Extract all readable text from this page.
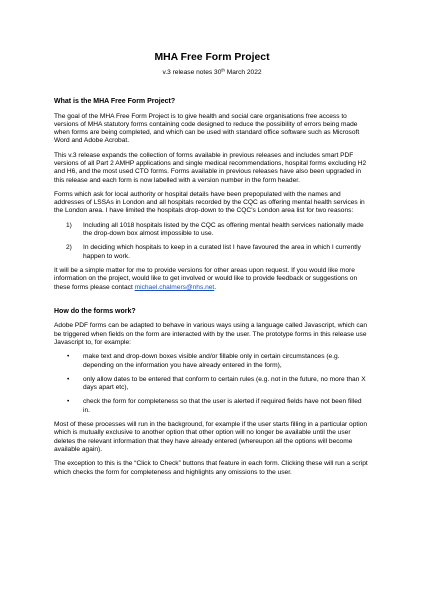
MHA Free Form Project
v.3 release notes 30th March 2022
What is the MHA Free Form Project?

The goal of the MHA Free Form Project is to give health and social care organisations free access to versions of MHA statutory forms containing code designed to reduce the possibility of errors being made when forms are being completed, and which can be used with standard office software such as Microsoft Word and Adobe Acrobat.

This v.3 release expands the collection of forms available in previous releases and includes smart PDF versions of all Part 2 AMHP applications and single medical recommendations, hospital forms excluding H2 and H6, and the most used CTO forms. Forms available in previous releases have also been upgraded in this release and each form is now labelled with a version number in the form header.

Forms which ask for local authority or hospital details have been prepopulated with the names and addresses of LSSAs in London and all hospitals recorded by the CQC as offering mental health services in the London area. I have limited the hospitals drop-down to the CQC's London area list for two reasons:

1) Including all 1018 hospitals listed by the CQC as offering mental health services nationally made the drop-down box almost impossible to use.
2) In deciding which hospitals to keep in a curated list I have favoured the area in which I currently happen to work.

It will be a simple matter for me to provide versions for other areas upon request. If you would like more information on the project, would like to get involved or would like to provide feedback or suggestions on these forms please contact michael.chalmers@nhs.net.

How do the forms work?

Adobe PDF forms can be adapted to behave in various ways using a language called Javascript, which can be triggered when fields on the form are interacted with by the user. The prototype forms in this release use Javascript to, for example:

• make text and drop-down boxes visible and/or fillable only in certain circumstances (e.g. depending on the information you have already entered in the form),
• only allow dates to be entered that conform to certain rules (e.g. not in the future, no more than X days apart etc),
• check the form for completeness so that the user is alerted if required fields have not been filled in.

Most of these processes will run in the background, for example if the user starts filling in a particular option which is mutually exclusive to another option that other option will no longer be available until the user deletes the relevant information that they have already entered (whereupon all the options will become available again).

The exception to this is the “Click to Check” buttons that feature in each form. Clicking these will run a script which checks the form for completeness and highlights any omissions to the user.
